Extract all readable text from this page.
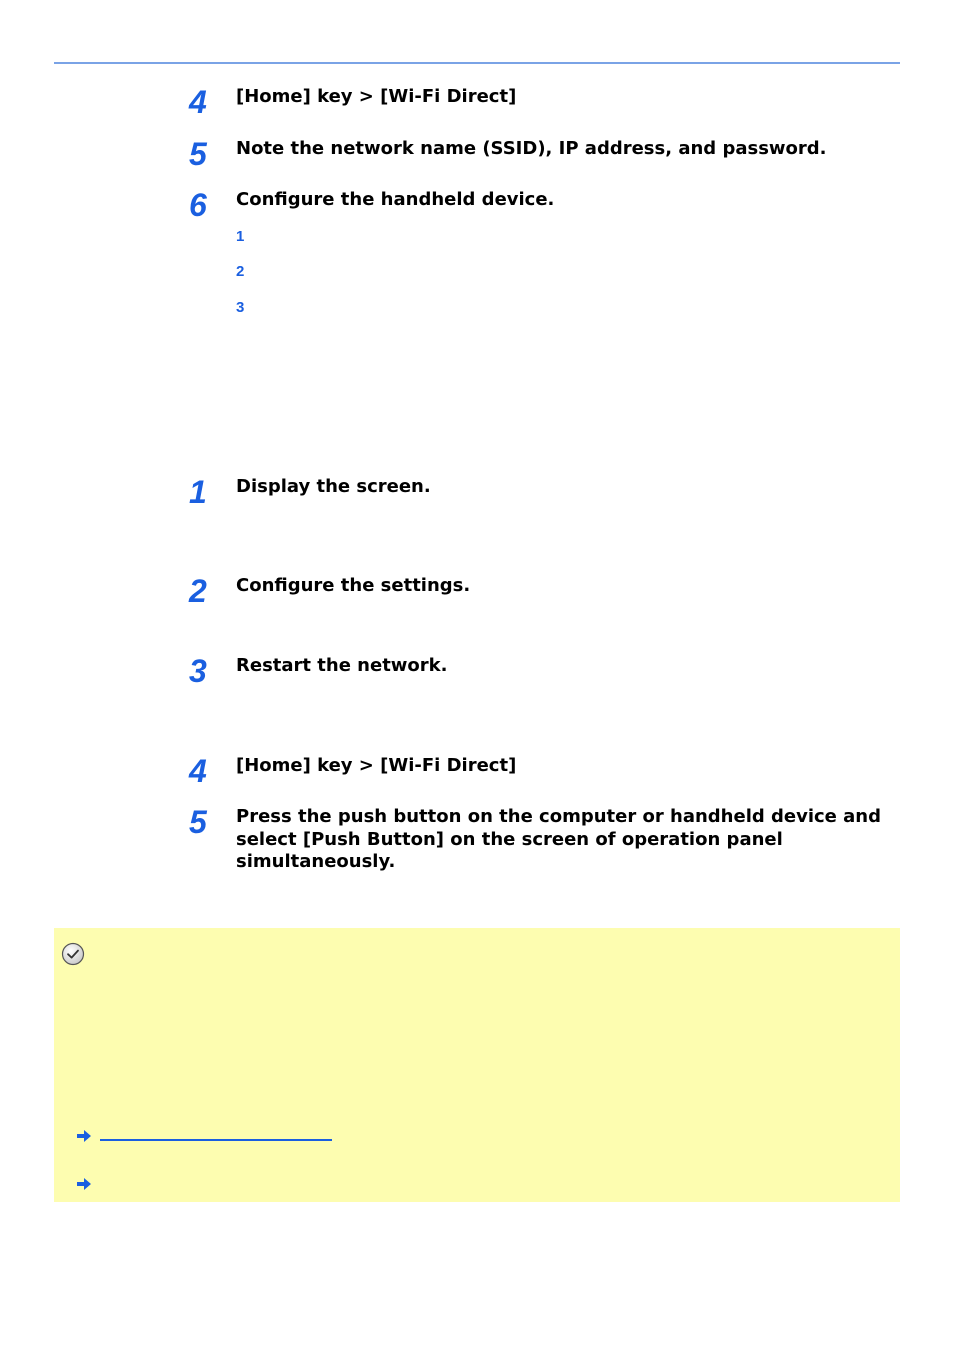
4	[Home] key > [Wi-Fi Direct]
5	Note the network name (SSID), IP address, and password.
6	Configure the handheld device.
1
2
3
1	Display the screen.
2	Configure the settings.
3	Restart the network.
4	[Home] key > [Wi-Fi Direct]
5	Press the push button on the computer or handheld device and select [Push Button] on the screen of operation panel simultaneously.
